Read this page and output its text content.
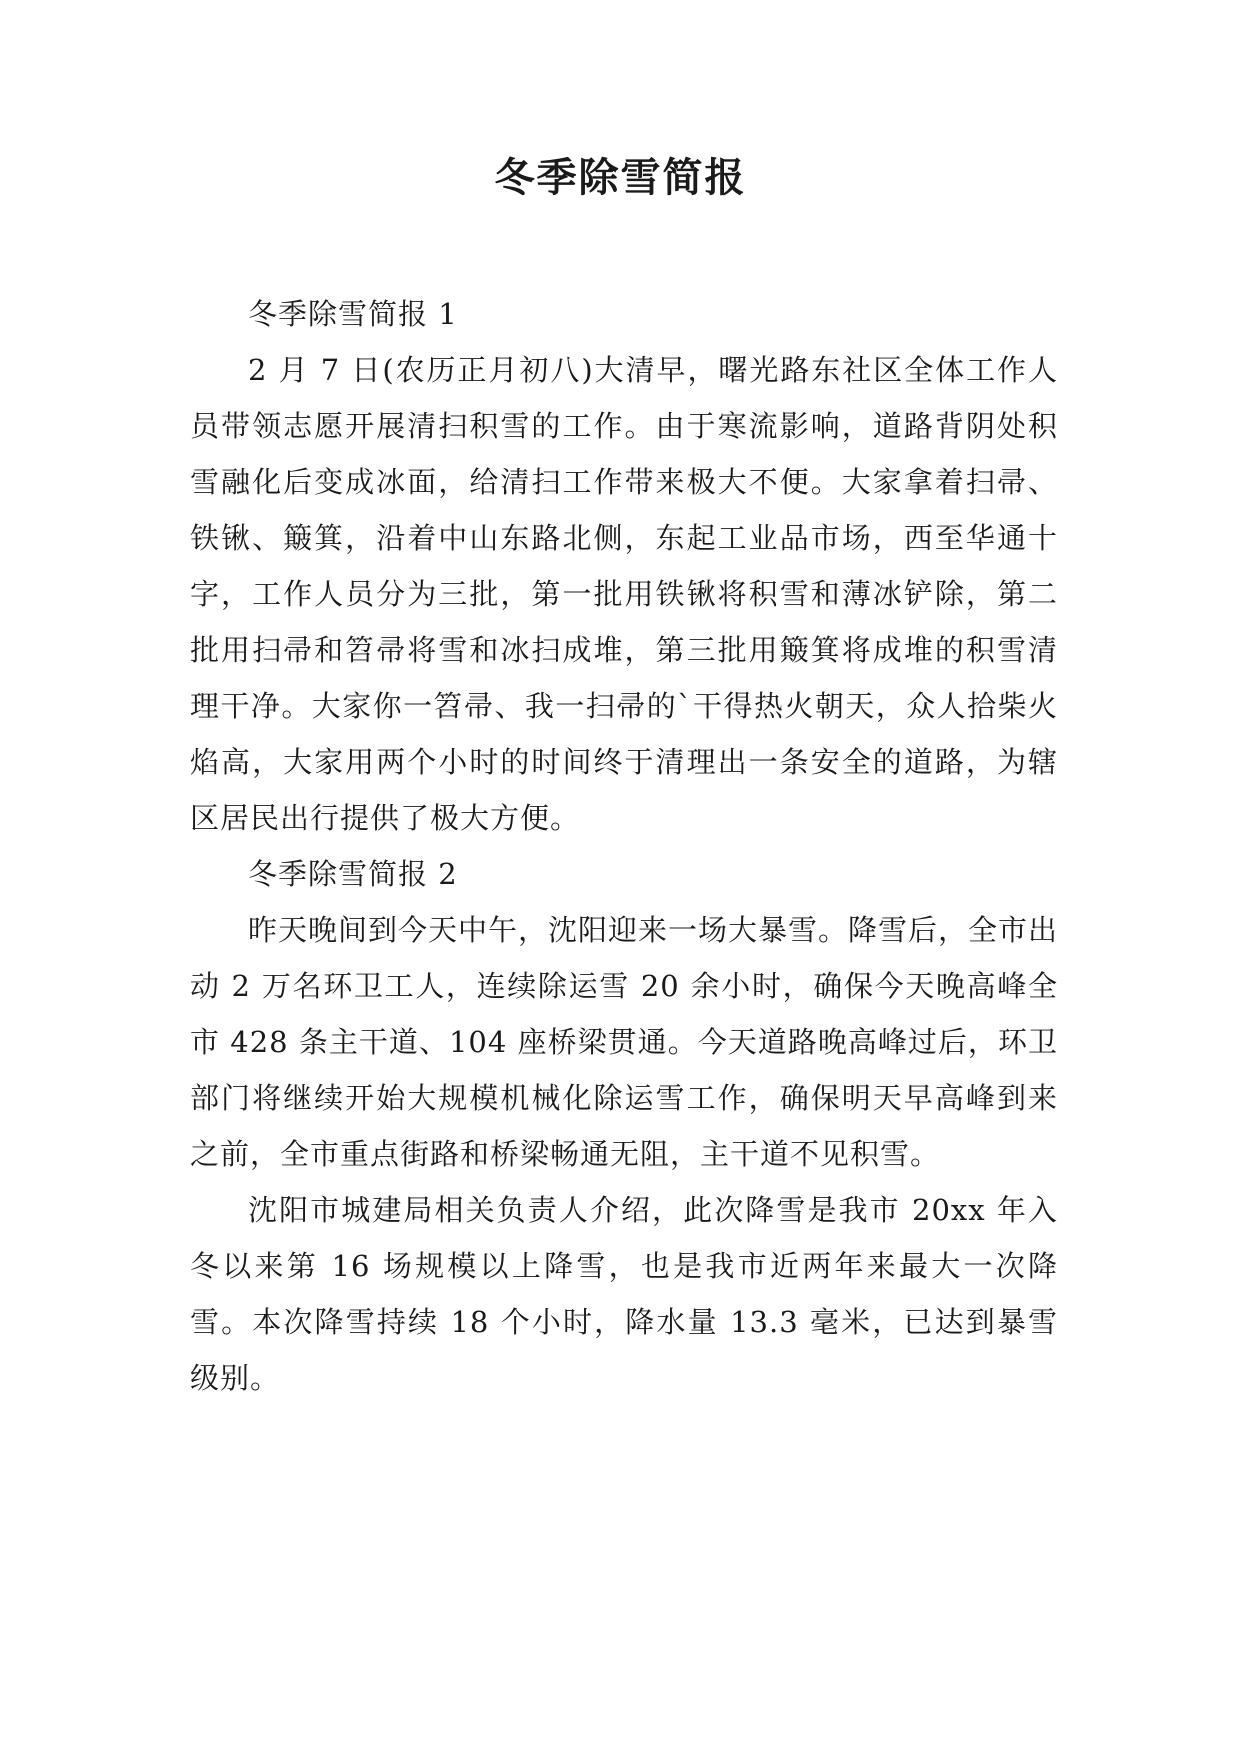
冬季除雪简报

冬季除雪简报 1

2 月 7 日(农历正月初八)大清早，曙光路东社区全体工作人员带领志愿开展清扫积雪的工作。由于寒流影响，道路背阴处积雪融化后变成冰面，给清扫工作带来极大不便。大家拿着扫帚、铁锹、簸箕，沿着中山东路北侧，东起工业品市场，西至华通十字，工作人员分为三批，第一批用铁锹将积雪和薄冰铲除，第二批用扫帚和笤帚将雪和冰扫成堆，第三批用簸箕将成堆的积雪清理干净。大家你一笤帚、我一扫帚的`干得热火朝天，众人拾柴火焰高，大家用两个小时的时间终于清理出一条安全的道路，为辖区居民出行提供了极大方便。

冬季除雪简报 2

昨天晚间到今天中午，沈阳迎来一场大暴雪。降雪后，全市出动 2 万名环卫工人，连续除运雪 20 余小时，确保今天晚高峰全市 428 条主干道、104 座桥梁贯通。今天道路晚高峰过后，环卫部门将继续开始大规模机械化除运雪工作，确保明天早高峰到来之前，全市重点街路和桥梁畅通无阻，主干道不见积雪。

沈阳市城建局相关负责人介绍，此次降雪是我市 20xx 年入冬以来第 16 场规模以上降雪，也是我市近两年来最大一次降雪。本次降雪持续 18 个小时，降水量 13.3 毫米，已达到暴雪级别。
